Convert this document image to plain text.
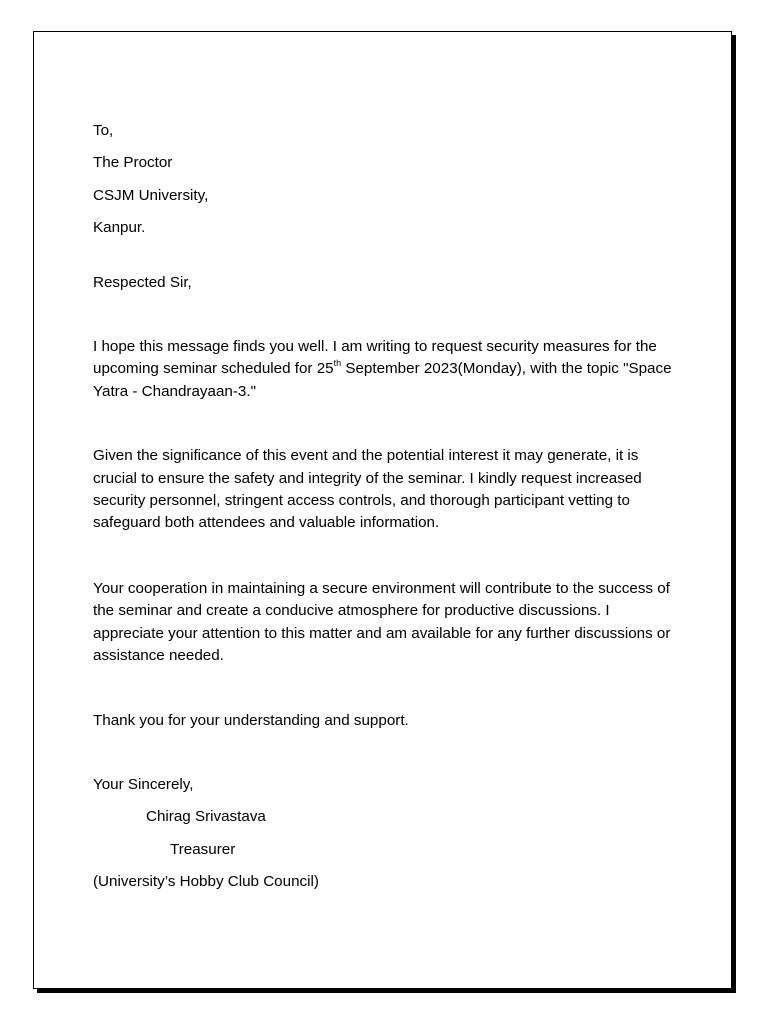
To,
The Proctor
CSJM University,
Kanpur.
Respected Sir,

I hope this message finds you well. I am writing to request security measures for the upcoming seminar scheduled for 25th September 2023(Monday), with the topic "Space Yatra - Chandrayaan-3."

Given the significance of this event and the potential interest it may generate, it is crucial to ensure the safety and integrity of the seminar. I kindly request increased security personnel, stringent access controls, and thorough participant vetting to safeguard both attendees and valuable information.

Your cooperation in maintaining a secure environment will contribute to the success of the seminar and create a conducive atmosphere for productive discussions. I appreciate your attention to this matter and am available for any further discussions or assistance needed.

Thank you for your understanding and support.
Your Sincerely,
Chirag Srivastava
Treasurer
(University’s Hobby Club Council)
